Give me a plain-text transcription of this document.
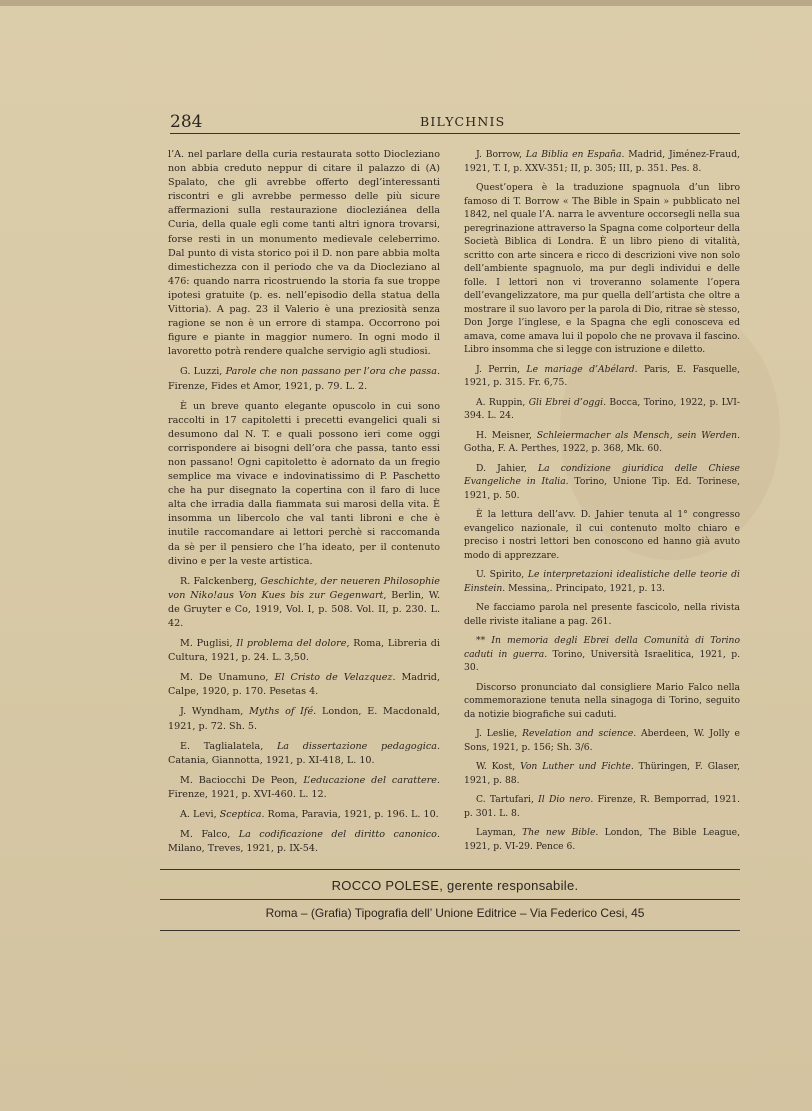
284	BILYCHNIS

l’A. nel parlare della curia restaurata sotto Diocleziano non abbia creduto neppur di citare il palazzo di (A) Spalato, che gli avrebbe offerto degl’interessanti riscontri e gli avrebbe permesso delle più sicure affermazioni sulla restaurazione diocleziánea della Curia, della quale egli come tanti altri ignora trovarsi, forse resti in un monumento medievale celeberrimo. Dal punto di vista storico poi il D. non pare abbia molta dimestichezza con il periodo che va da Diocleziano al 476: quando narra ricostruendo la storia fa sue troppe ipotesi gratuite (p. es. nell’episodio della statua della Vittoria). A pag. 23 il Valerio è una preziosità senza ragione se non è un errore di stampa. Occorrono poi figure e piante in maggior numero. In ogni modo il lavoretto potrà rendere qualche servigio agli studiosi.

G. Luzzi, Parole che non passano per l’ora che passa. Firenze, Fides et Amor, 1921, p. 79. L. 2.

È un breve quanto elegante opuscolo in cui sono raccolti in 17 capitoletti i precetti evangelici quali si desumono dal N. T. e quali possono ieri come oggi corrispondere ai bisogni dell’ora che passa, tanto essi non passano! Ogni capitoletto è adornato da un fregio semplice ma vivace e indovinatissimo di P. Paschetto che ha pur disegnato la copertina con il faro di luce alta che irradia dalla fiammata sui marosi della vita. È insomma un libercolo che val tanti libroni e che è inutile raccomandare ai lettori perchè si raccomanda da sè per il pensiero che l’ha ideato, per il contenuto divino e per la veste artistica.

R. Falckenberg, Geschichte, der neueren Philosophie von Niko!aus Von Kues bis zur Gegenwart, Berlin, W. de Gruyter e Co, 1919, Vol. I, p. 508. Vol. II, p. 230. L. 42.

M. Puglisi, Il problema del dolore, Roma, Libreria di Cultura, 1921, p. 24. L. 3,50.

M. De Unamuno, El Cristo de Velazquez. Madrid, Calpe, 1920, p. 170. Pesetas 4.

J. Wyndham, Myths of Ifé. London, E. Macdonald, 1921, p. 72. Sh. 5.

E. Taglialatela, La dissertazione pedagogica. Catania, Giannotta, 1921, p. XI-418, L. 10.

M. Baciocchi De Peon, L’educazione del carattere. Firenze, 1921, p. XVI-460. L. 12.

A. Levi, Sceptica. Roma, Paravia, 1921, p. 196. L. 10.

M. Falco, La codificazione del diritto canonico. Milano, Treves, 1921, p. IX-54.

J. Borrow, La Biblia en España. Madrid, Jiménez-Fraud, 1921, T. I, p. XXV-351; II, p. 305; III, p. 351. Pes. 8.

Quest’opera è la traduzione spagnuola d’un libro famoso di T. Borrow « The Bible in Spain » pubblicato nel 1842, nel quale l’A. narra le avventure occorsegli nella sua peregrinazione attraverso la Spagna come colporteur della Società Biblica di Londra. È un libro pieno di vitalità, scritto con arte sincera e ricco di descrizioni vive non solo dell’ambiente spagnuolo, ma pur degli individui e delle folle. I lettori non vi troveranno solamente l’opera dell’evangelizzatore, ma pur quella dell’artista che oltre a mostrare il suo lavoro per la parola di Dio, ritrae sè stesso, Don Jorge l’inglese, e la Spagna che egli conosceva ed amava, come amava lui il popolo che ne provava il fascino. Libro insomma che si legge con istruzione e diletto.

J. Perrin, Le mariage d’Abélard. Paris, E. Fasquelle, 1921, p. 315. Fr. 6,75.

A. Ruppin, Gli Ebrei d’oggi. Bocca, Torino, 1922, p. LVI-394. L. 24.

H. Meisner, Schleiermacher als Mensch, sein Werden. Gotha, F. A. Perthes, 1922, p. 368, Mk. 60.

D. Jahier, La condizione giuridica delle Chiese Evangeliche in Italia. Torino, Unione Tip. Ed. Torinese, 1921, p. 50.

È la lettura dell’avv. D. Jahier tenuta al 1° congresso evangelico nazionale, il cui contenuto molto chiaro e preciso i nostri lettori ben conoscono ed hanno già avuto modo di apprezzare.

U. Spirito, Le interpretazioni idealistiche delle teorie di Einstein. Messina,. Principato, 1921, p. 13.

Ne facciamo parola nel presente fascicolo, nella rivista delle riviste italiane a pag. 261.

** In memoria degli Ebrei della Comunità di Torino caduti in guerra. Torino, Università Israelitica, 1921, p. 30.

Discorso pronunciato dal consigliere Mario Falco nella commemorazione tenuta nella sinagoga di Torino, seguito da notizie biografiche sui caduti.

J. Leslie, Revelation and science. Aberdeen, W. Jolly e Sons, 1921, p. 156; Sh. 3/6.

W. Kost, Von Luther und Fichte. Thüringen, F. Glaser, 1921, p. 88.

C. Tartufari, Il Dio nero. Firenze, R. Bemporrad, 1921. p. 301. L. 8.

Layman, The new Bible. London, The Bible League, 1921, p. VI-29. Pence 6.

ROCCO POLESE, gerente responsabile.
Roma – (Grafia) Tipografia dell’ Unione Editrice – Via Federico Cesi, 45
